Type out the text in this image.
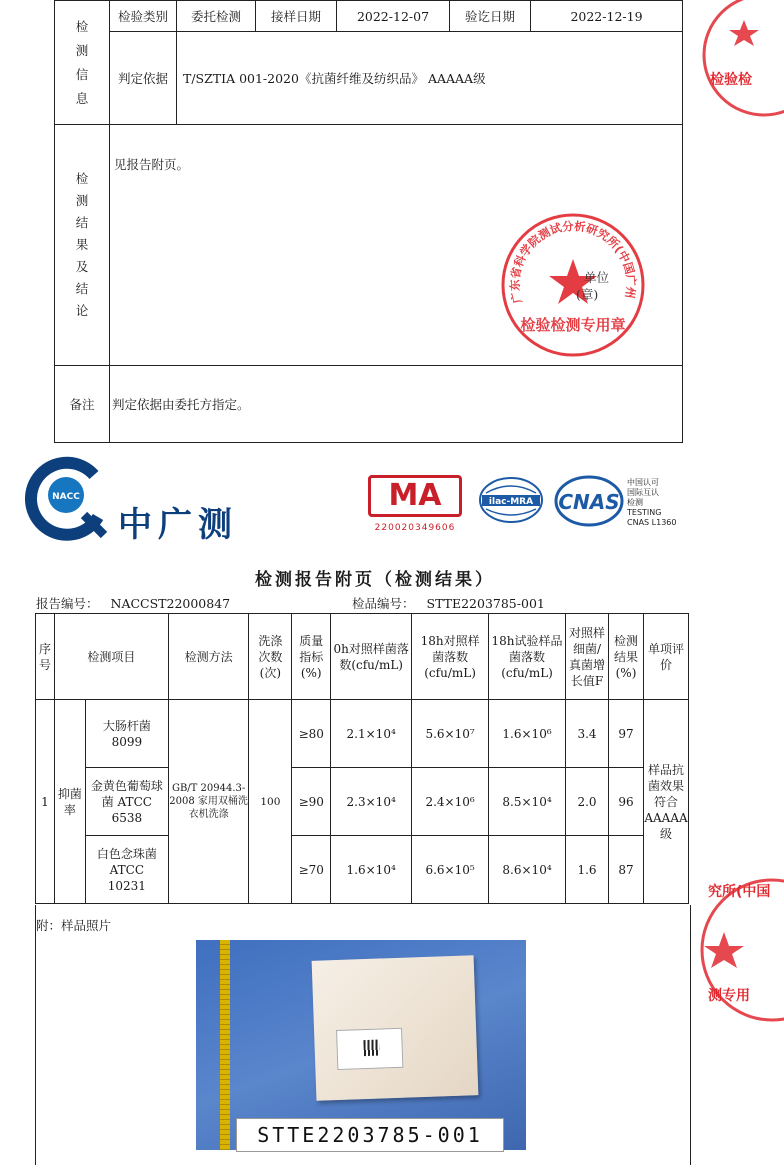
检测信息	检验类别	委托检测	接样日期	2022-12-07	验讫日期	2022-12-19
	判定依据	T/SZTIA 001-2020《抗菌纤维及纺织品》 AAAAA级				

检测结果及结论	见报告附页。					

备注	判定依据由委托方指定。					
广东省科学院测试分析研究所(中国广州
检验检测专用章
单位
(章)
检验检
NACC
中广测
MA
220020349606
ilac-MRA CNAS
中国认可
国际互认
检测
TESTING
CNAS L1360
检测报告附页（检测结果）
报告编号： NACCST22000847	检品编号： STTE2203785-001
序号	检测项目		检测方法	洗涤次数(次)	质量指标(%)	0h对照样菌落数(cfu/mL)	18h对照样菌落数(cfu/mL)	18h试验样品菌落数(cfu/mL)	对照样细菌/真菌增长值F	检测结果(%)	单项评价

1	抑菌率	大肠杆菌 8099	GB/T 20944.3-2008 家用双桶洗衣机洗涤	100	≥80	2.1×10⁴	5.6×10⁷	1.6×10⁶	3.4	97	样品抗菌效果符合AAAAA级

		金黄色葡萄球菌 ATCC 6538			≥90	2.3×10⁴	2.4×10⁶	8.5×10⁴	2.0	96	

		白色念珠菌 ATCC 10231			≥70	1.6×10⁴	6.6×10⁵	8.6×10⁴	1.6	87	
附：样品照片
STTE2203785-001
究所(中国
测专用
